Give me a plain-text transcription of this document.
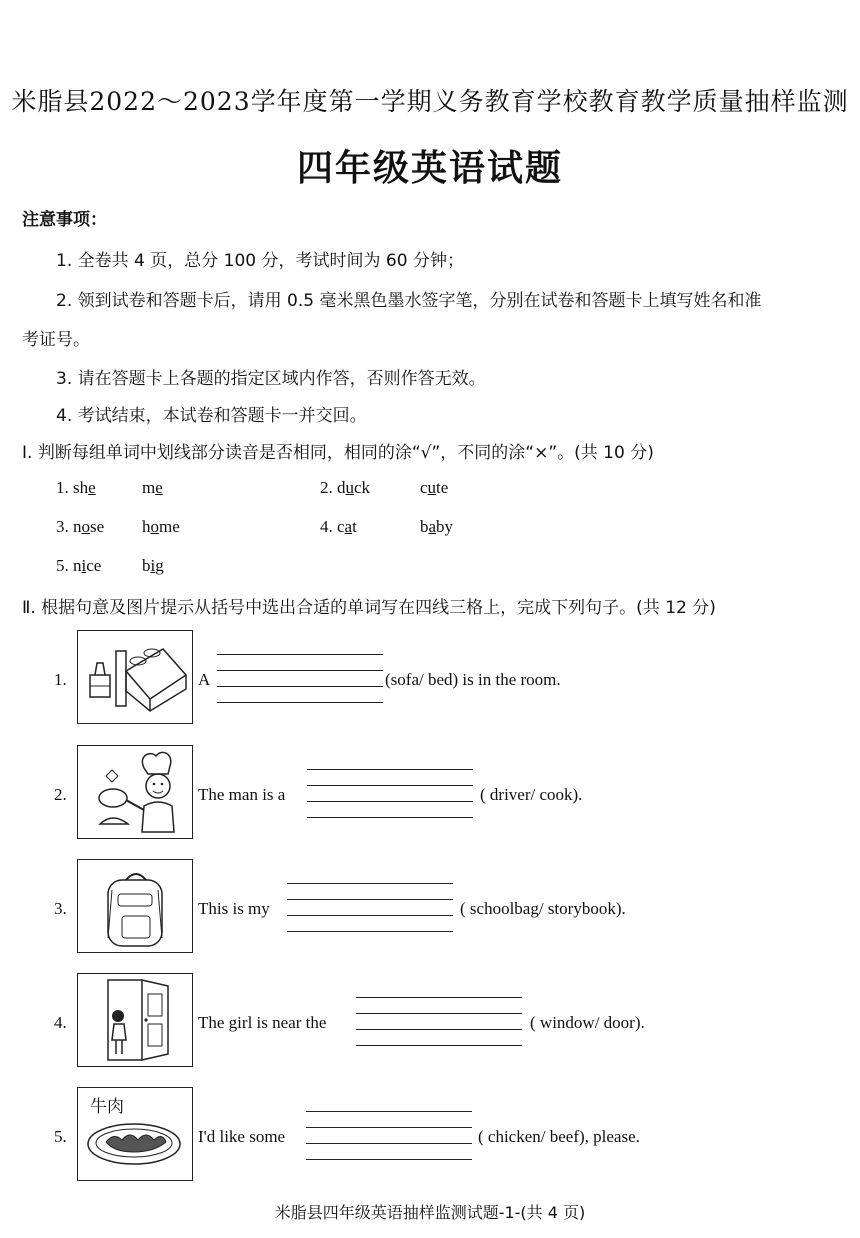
米脂县2022～2023学年度第一学期义务教育学校教育教学质量抽样监测
四年级英语试题
注意事项：
1. 全卷共 4 页，总分 100 分，考试时间为 60 分钟；
2. 领到试卷和答题卡后，请用 0.5 毫米黑色墨水签字笔，分别在试卷和答题卡上填写姓名和准
考证号。
3. 请在答题卡上各题的指定区域内作答，否则作答无效。
4. 考试结束，本试卷和答题卡一并交回。
Ⅰ. 判断每组单词中划线部分读音是否相同，相同的涂“√”，不同的涂“×”。(共 10 分)
1. she	me	2. duck	cute
3. nose home	4. cat	baby
5. nice big
Ⅱ. 根据句意及图片提示从括号中选出合适的单词写在四线三格上，完成下列句子。(共 12 分)
1.	A	(sofa/ bed) is in the room.
2.	The man is a	( driver/ cook).
3.	This is my	( schoolbag/ storybook).
4.	The girl is near the	( window/ door).
5.
牛肉
I'd like some	( chicken/ beef), please.
米脂县四年级英语抽样监测试题-1-(共 4 页)
